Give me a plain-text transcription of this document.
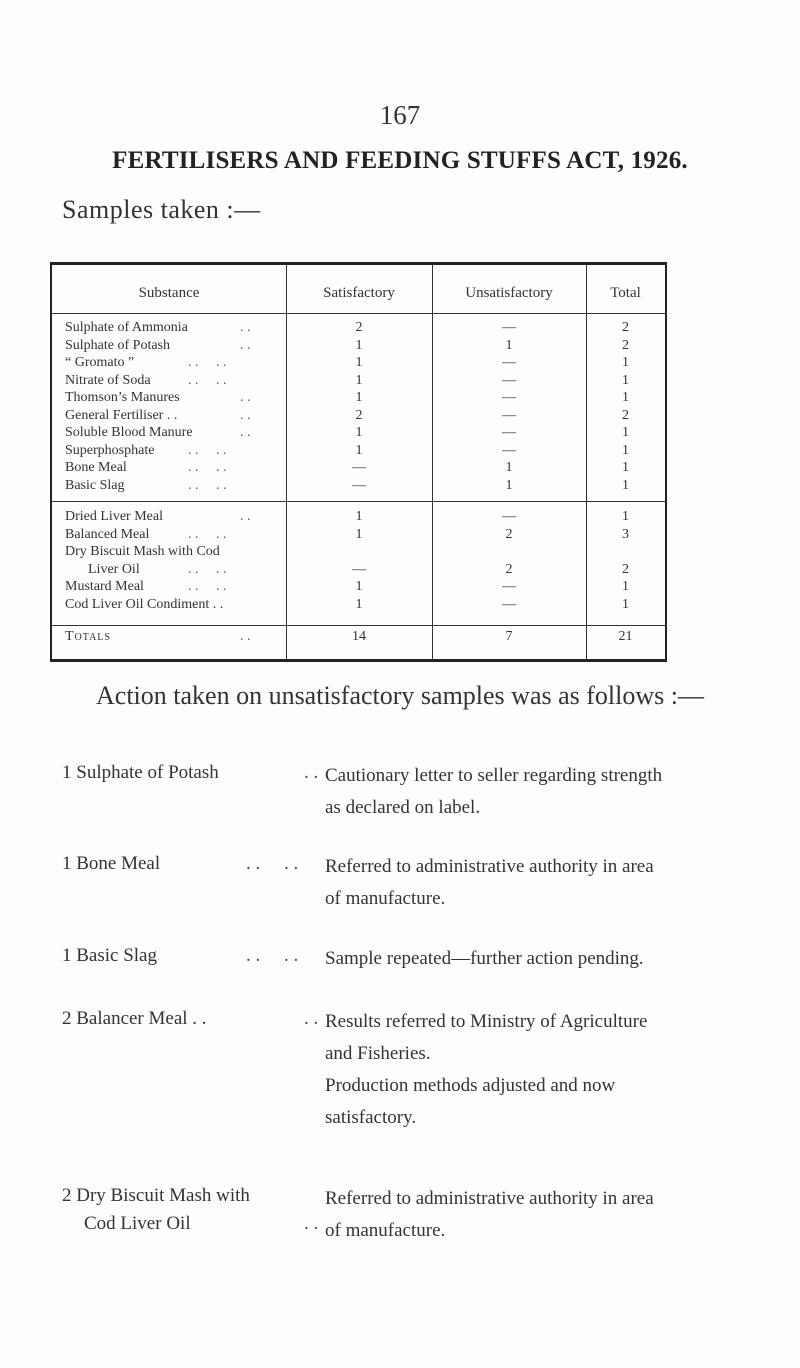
167
FERTILISERS AND FEEDING STUFFS ACT, 1926.
Samples taken :—
Substance	Satisfactory	Unsatisfactory	Total
Sulphate of Ammonia	. .	2	—	2
Sulphate of Potash	. .	1	1	2
“ Gromato ”	. .     . .	1	—	1
Nitrate of Soda	. .     . .	1	—	1
Thomson’s Manures	. .	1	—	1
General Fertiliser . .	. .	2	—	2
Soluble Blood Manure	. .	1	—	1
Superphosphate . .     . .	1	—	1
Bone Meal	. .     . .	—	1	1
Basic Slag	. .     . .	—	1	1
Dried Liver Meal	. .	1	—	1
Balanced Meal	. .     . .	1	2	3
Dry Biscuit Mash with Cod
Liver Oil	. .     . .	—	2	2
Mustard Meal	. .     . .	1	—	1
Cod Liver Oil Condiment . .	1	—	1
Totals	. .	14	7	21
Action taken on unsatisfactory samples was as follows :—
1 Sulphate of Potash	. . Cautionary letter to seller regarding strength
as declared on label.
1 Bone Meal	. .     . . Referred to administrative authority in area
of manufacture.
1 Basic Slag	. .     . . Sample repeated—further action pending.
2 Balancer Meal . .	. . Results referred to Ministry of Agriculture
and Fisheries.
Production methods adjusted and now
satisfactory.
2 Dry Biscuit Mash with
Cod Liver Oil	. .
Referred to administrative authority in area
of manufacture.
